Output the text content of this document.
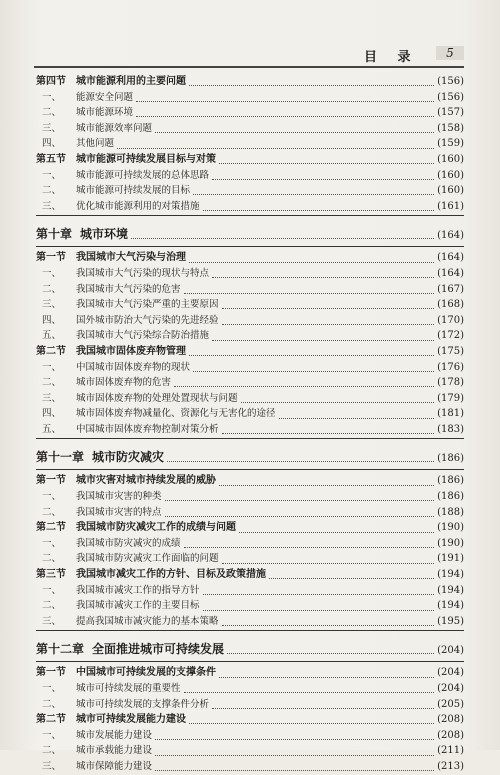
目 录	5
第四节	城市能源利用的主要问题	(156)
一、	能源安全问题	(156)
二、	城市能源环境	(157)
三、	城市能源效率问题	(158)
四、	其他问题	(159)
第五节	城市能源可持续发展目标与对策	(160)
一、	城市能源可持续发展的总体思路	(160)
二、	城市能源可持续发展的目标	(160)
三、	优化城市能源利用的对策措施	(161)
第十章 城市环境	(164)
第一节	我国城市大气污染与治理	(164)
一、	我国城市大气污染的现状与特点	(164)
二、	我国城市大气污染的危害	(167)
三、	我国城市大气污染严重的主要原因	(168)
四、	国外城市防治大气污染的先进经验	(170)
五、	我国城市大气污染综合防治措施	(172)
第二节	我国城市固体废弃物管理	(175)
一、	中国城市固体废弃物的现状	(176)
二、	城市固体废弃物的危害	(178)
三、	城市固体废弃物的处理处置现状与问题	(179)
四、	城市固体废弃物减量化、资源化与无害化的途径	(181)
五、	中国城市固体废弃物控制对策分析	(183)
第十一章 城市防灾减灾	(186)
第一节	城市灾害对城市持续发展的威胁	(186)
一、	我国城市灾害的种类	(186)
二、	我国城市灾害的特点	(188)
第二节	我国城市防灾减灾工作的成绩与问题	(190)
一、	我国城市防灾减灾的成绩	(190)
二、	我国城市防灾减灾工作面临的问题	(191)
第三节	我国城市减灾工作的方针、目标及政策措施	(194)
一、	我国城市减灾工作的指导方针	(194)
二、	我国城市减灾工作的主要目标	(194)
三、	提高我国城市减灾能力的基本策略	(195)
第十二章 全面推进城市可持续发展	(204)
第一节	中国城市可持续发展的支撑条件	(204)
一、	城市可持续发展的重要性	(204)
二、	城市可持续发展的支撑条件分析	(205)
第二节	城市可持续发展能力建设	(208)
一、	城市发展能力建设	(208)
二、	城市承载能力建设	(211)
三、	城市保障能力建设	(213)
